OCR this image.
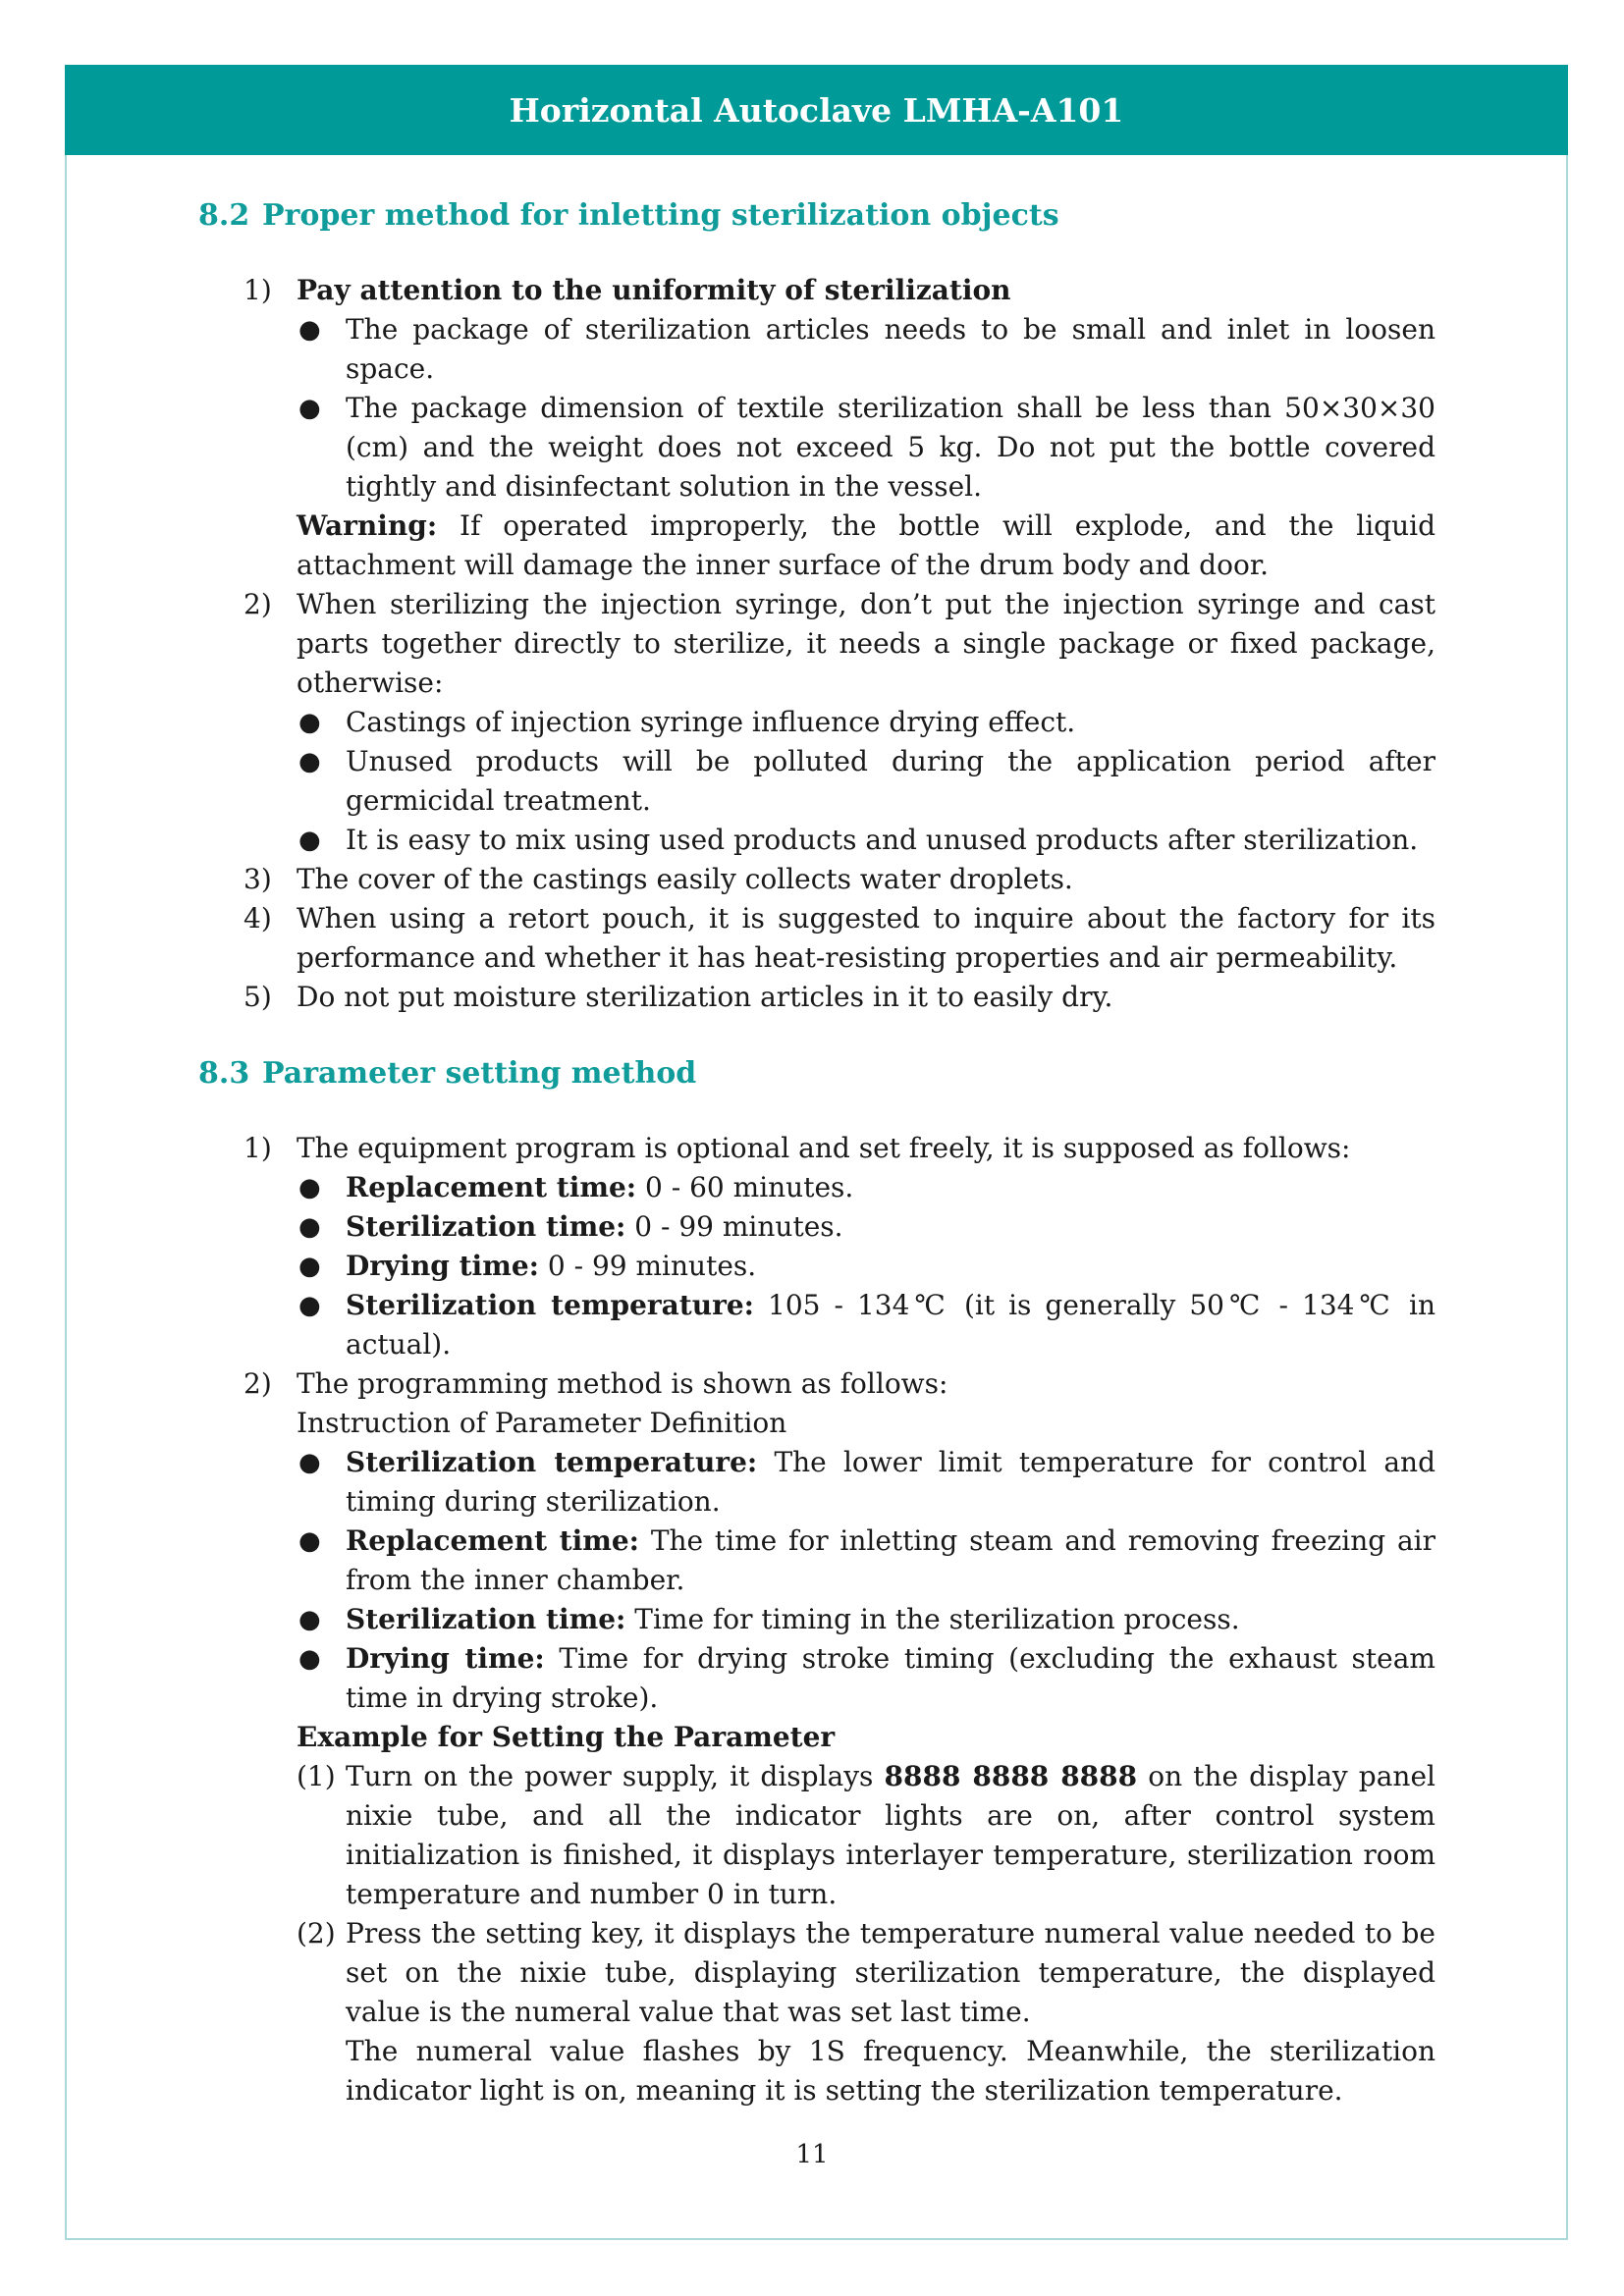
Horizontal Autoclave LMHA-A101
8.2 Proper method for inletting sterilization objects
1) Pay attention to the uniformity of sterilization
● The package of sterilization articles needs to be small and inlet in loosen space.
● The package dimension of textile sterilization shall be less than 50×30×30 (cm) and the weight does not exceed 5 kg. Do not put the bottle covered tightly and disinfectant solution in the vessel.
Warning: If operated improperly, the bottle will explode, and the liquid attachment will damage the inner surface of the drum body and door.
2) When sterilizing the injection syringe, don’t put the injection syringe and cast parts together directly to sterilize, it needs a single package or fixed package, otherwise:
● Castings of injection syringe influence drying effect.
● Unused products will be polluted during the application period after germicidal treatment.
● It is easy to mix using used products and unused products after sterilization.
3) The cover of the castings easily collects water droplets.
4) When using a retort pouch, it is suggested to inquire about the factory for its performance and whether it has heat-resisting properties and air permeability.
5) Do not put moisture sterilization articles in it to easily dry.
8.3 Parameter setting method
1) The equipment program is optional and set freely, it is supposed as follows:
● Replacement time: 0 - 60 minutes.
● Sterilization time: 0 - 99 minutes.
● Drying time: 0 - 99 minutes.
● Sterilization temperature: 105 - 134℃ (it is generally 50℃ - 134℃ in actual).
2) The programming method is shown as follows:
Instruction of Parameter Definition
● Sterilization temperature: The lower limit temperature for control and timing during sterilization.
● Replacement time: The time for inletting steam and removing freezing air from the inner chamber.
● Sterilization time: Time for timing in the sterilization process.
● Drying time: Time for drying stroke timing (excluding the exhaust steam time in drying stroke).
Example for Setting the Parameter
(1) Turn on the power supply, it displays 8888 8888 8888 on the display panel nixie tube, and all the indicator lights are on, after control system initialization is finished, it displays interlayer temperature, sterilization room temperature and number 0 in turn.
(2) Press the setting key, it displays the temperature numeral value needed to be set on the nixie tube, displaying sterilization temperature, the displayed value is the numeral value that was set last time.
The numeral value flashes by 1S frequency. Meanwhile, the sterilization indicator light is on, meaning it is setting the sterilization temperature.
11
